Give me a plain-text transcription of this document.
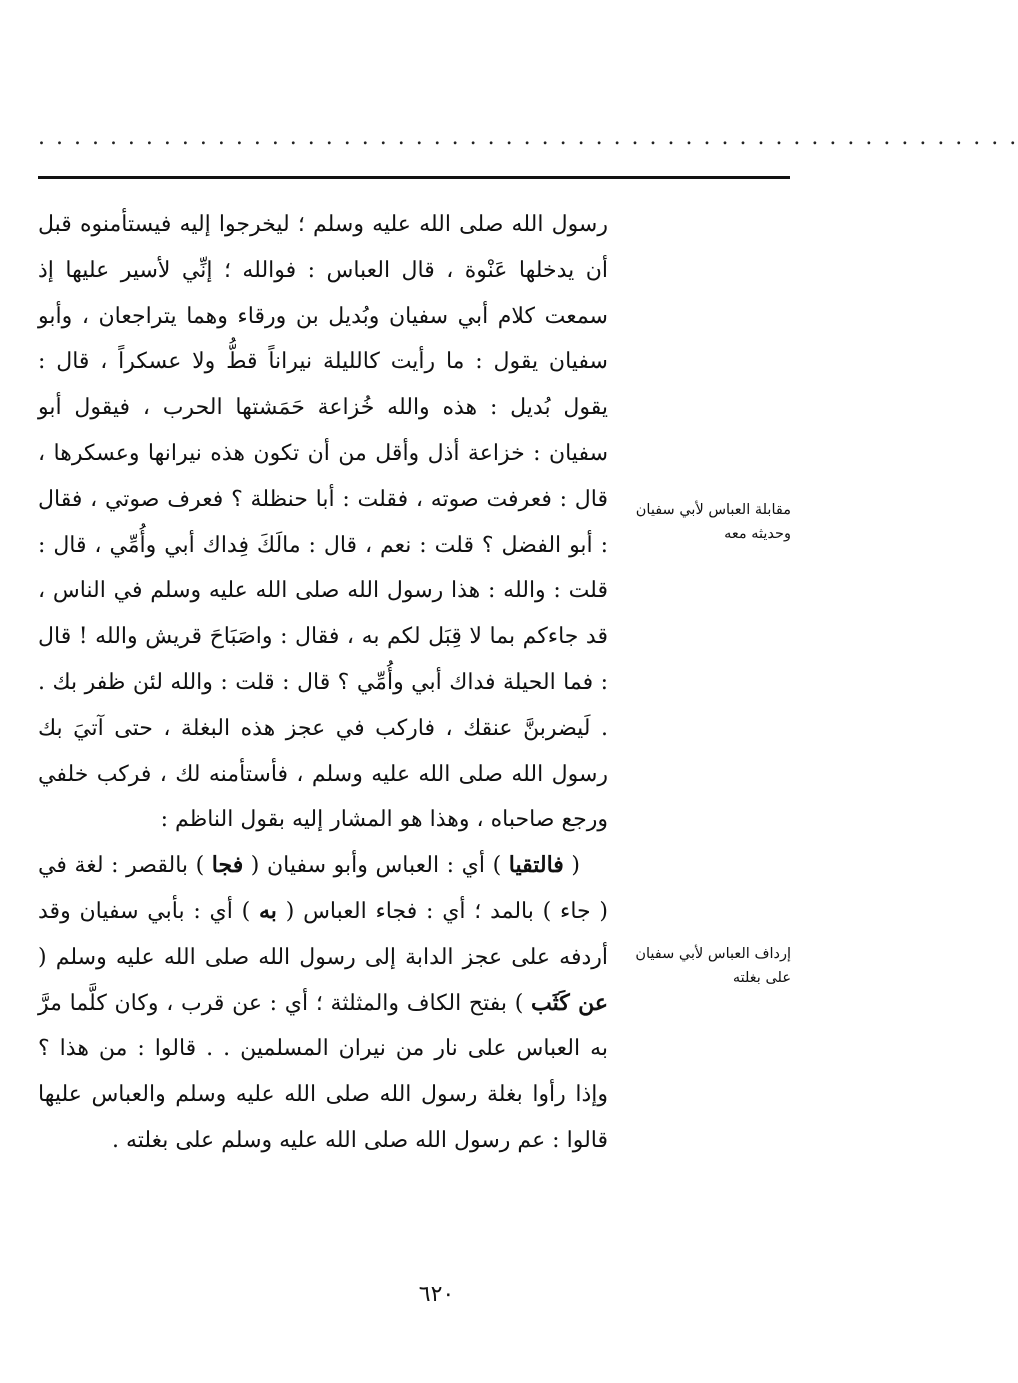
. . . . . . . . . . . . . . . . . . . . . . . . . . . . . . . . . . . . . . . . . . . . . . . . . . . . . . .

رسول الله صلى الله عليه وسلم ؛ ليخرجوا إليه فيستأمنوه قبل أن يدخلها عَنْوة ، قال العباس : فوالله ؛ إنِّي لأسير عليها إذ سمعت كلام أبي سفيان وبُديل بن ورقاء وهما يتراجعان ، وأبو سفيان يقول : ما رأيت كالليلة نيراناً قطُّ ولا عسكراً ، قال : يقول بُديل : هذه والله خُزاعة حَمَشتها الحرب ، فيقول أبو سفيان : خزاعة أذل وأقل من أن تكون هذه نيرانها وعسكرها ، قال : فعرفت صوته ، فقلت : أبا حنظلة ؟ فعرف صوتي ، فقال : أبو الفضل ؟ قلت : نعم ، قال : مالَكَ فِداك أبي وأُمِّي ، قال : قلت : والله : هذا رسول الله صلى الله عليه وسلم في الناس ، قد جاءكم بما لا قِبَل لكم به ، فقال : واصَبَاحَ قريش والله ! قال : فما الحيلة فداك أبي وأُمِّي ؟ قال : قلت : والله لئن ظفر بك . . لَيضربنَّ عنقك ، فاركب في عجز هذه البغلة ، حتى آتيَ بك رسول الله صلى الله عليه وسلم ، فأستأمنه لك ، فركب خلفي ورجع صاحباه ، وهذا هو المشار إليه بقول الناظم :

( فالتقيا ) أي : العباس وأبو سفيان ( فجا ) بالقصر : لغة في ( جاء ) بالمد ؛ أي : فجاء العباس ( به ) أي : بأبي سفيان وقد أردفه على عجز الدابة إلى رسول الله صلى الله عليه وسلم ( عن كَثَب ) بفتح الكاف والمثلثة ؛ أي : عن قرب ، وكان كلَّما مرَّ به العباس على نار من نيران المسلمين . . قالوا : من هذا ؟ وإذا رأوا بغلة رسول الله صلى الله عليه وسلم والعباس عليها قالوا : عم رسول الله صلى الله عليه وسلم على بغلته .

مقابلة العباس لأبي سفيان وحديثه معه
إرداف العباس لأبي سفيان على بغلته
٦٢٠
